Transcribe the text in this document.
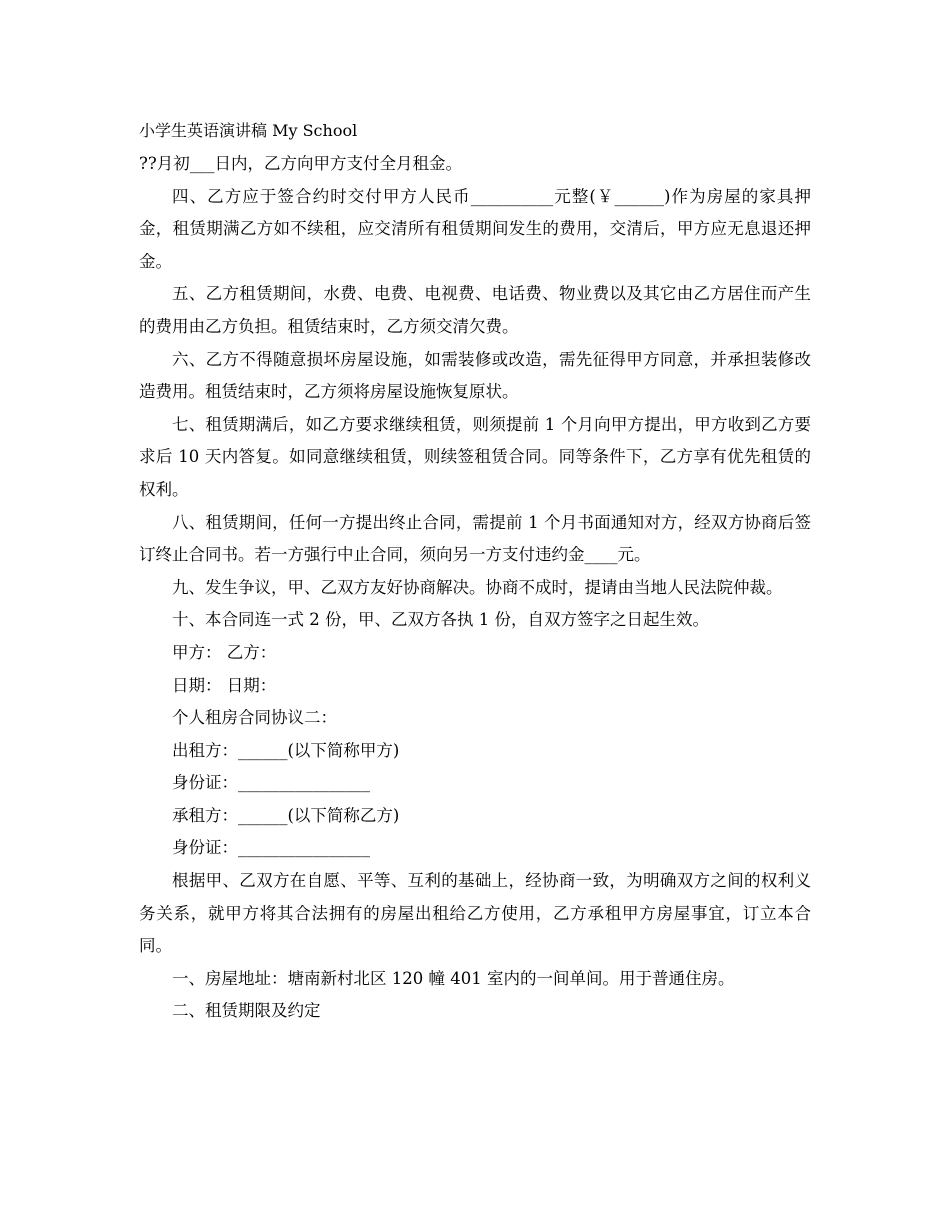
小学生英语演讲稿 My School

??月初___日内，乙方向甲方支付全月租金。

四、乙方应于签合约时交付甲方人民币__________元整(￥______)作为房屋的家具押金，租赁期满乙方如不续租，应交清所有租赁期间发生的费用，交清后，甲方应无息退还押金。

五、乙方租赁期间，水费、电费、电视费、电话费、物业费以及其它由乙方居住而产生的费用由乙方负担。租赁结束时，乙方须交清欠费。

六、乙方不得随意损坏房屋设施，如需装修或改造，需先征得甲方同意，并承担装修改造费用。租赁结束时，乙方须将房屋设施恢复原状。

七、租赁期满后，如乙方要求继续租赁，则须提前 1 个月向甲方提出，甲方收到乙方要求后 10 天内答复。如同意继续租赁，则续签租赁合同。同等条件下，乙方享有优先租赁的权利。

八、租赁期间，任何一方提出终止合同，需提前 1 个月书面通知对方，经双方协商后签订终止合同书。若一方强行中止合同，须向另一方支付违约金____元。

九、发生争议，甲、乙双方友好协商解决。协商不成时，提请由当地人民法院仲裁。

十、本合同连一式 2 份，甲、乙双方各执 1 份，自双方签字之日起生效。

甲方： 乙方：

日期： 日期：

个人租房合同协议二：

出租方：______(以下简称甲方)

身份证：________________

承租方：______(以下简称乙方)

身份证：________________

根据甲、乙双方在自愿、平等、互利的基础上，经协商一致，为明确双方之间的权利义务关系，就甲方将其合法拥有的房屋出租给乙方使用，乙方承租甲方房屋事宜，订立本合同。

一、房屋地址：塘南新村北区 120 幢 401 室内的一间单间。用于普通住房。

二、租赁期限及约定
